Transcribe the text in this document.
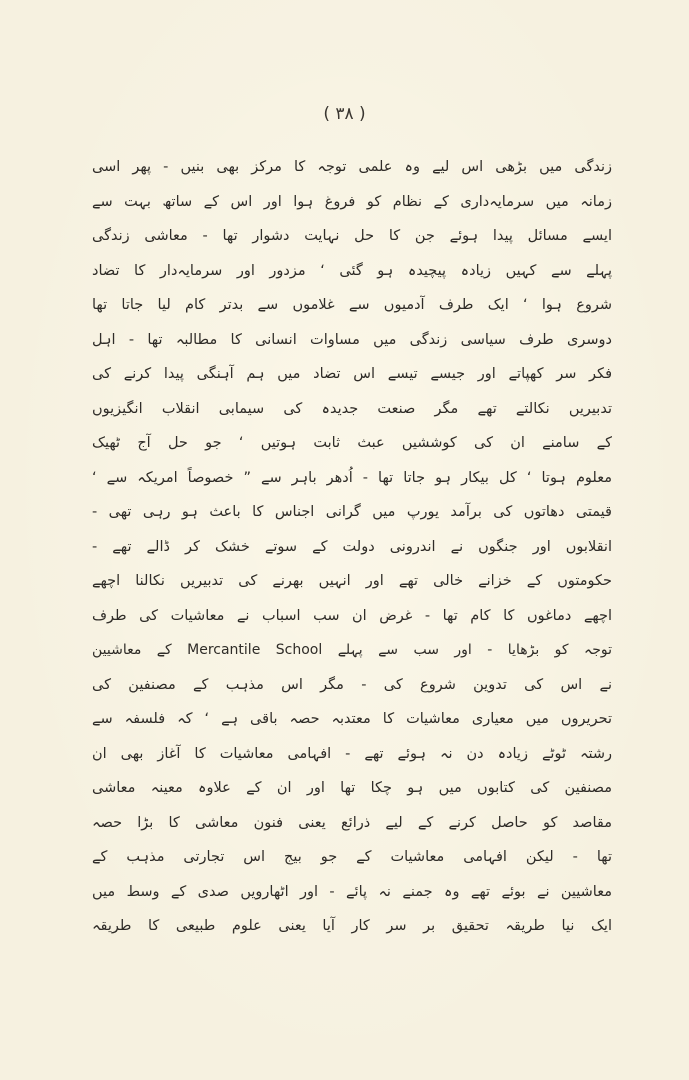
( ۳۸ )
زندگی میں بڑھی اس لیے وہ علمی توجہ کا مرکز بھی بنیں - پھر اسی
زمانہ میں سرمایہ‌داری کے نظام کو فروغ ہوا اور اس کے ساتھ بہت سے
ایسے مسائل پیدا ہوئے جن کا حل نہایت دشوار تھا - معاشی زندگی
پہلے سے کہیں زیادہ پیچیدہ ہو گئی ‘ مزدور اور سرمایہ‌دار کا تضاد
شروع ہوا ‘ ایک طرف آدمیوں سے غلاموں سے بدتر کام لیا جاتا تھا
دوسری طرف سیاسی زندگی میں مساوات انسانی کا مطالبہ تھا - اہل
فکر سر کھپاتے اور جیسے تیسے اس تضاد میں ہم آہنگی پیدا کرنے کی
تدبیریں نکالتے تھے مگر صنعت جدیدہ کی سیمابی انقلاب انگیزیوں
کے سامنے ان کی کوششیں عبث ثابت ہوتیں ‘ جو حل آج ٹھیک
معلوم ہوتا ‘ کل بیکار ہو جاتا تھا - اُدھر باہر سے ” خصوصاً امریکہ سے ‘
قیمتی دھاتوں کی برآمد یورپ میں گرانی اجناس کا باعث ہو رہی تھی -
انقلابوں اور جنگوں نے اندرونی دولت کے سوتے خشک کر ڈالے تھے -
حکومتوں کے خزانے خالی تھے اور انہیں بھرنے کی تدبیریں نکالنا اچھے
اچھے دماغوں کا کام تھا - غرض ان سب اسباب نے معاشیات کی طرف
توجہ کو بڑھایا - اور سب سے پہلے Mercantile School کے معاشیین
نے اس کی تدوین شروع کی - مگر اس مذہب کے مصنفین کی
تحریروں میں معیاری معاشیات کا معتدبہ حصہ باقی ہے ‘ کہ فلسفہ سے
رشتہ ٹوٹے زیادہ دن نہ ہوئے تھے - افہامی معاشیات کا آغاز بھی ان
مصنفین کی کتابوں میں ہو چکا تھا اور ان کے علاوہ معینہ معاشی
مقاصد کو حاصل کرنے کے لیے ذرائع یعنی فنون معاشی کا بڑا حصہ
تھا - لیکن افہامی معاشیات کے جو بیج اس تجارتی مذہب کے
معاشیین نے بوئے تھے وہ جمنے نہ پائے - اور اٹھارویں صدی کے وسط میں
ایک نیا طریقہ تحقیق بر سر کار آیا یعنی علوم طبیعی کا طریقہ
